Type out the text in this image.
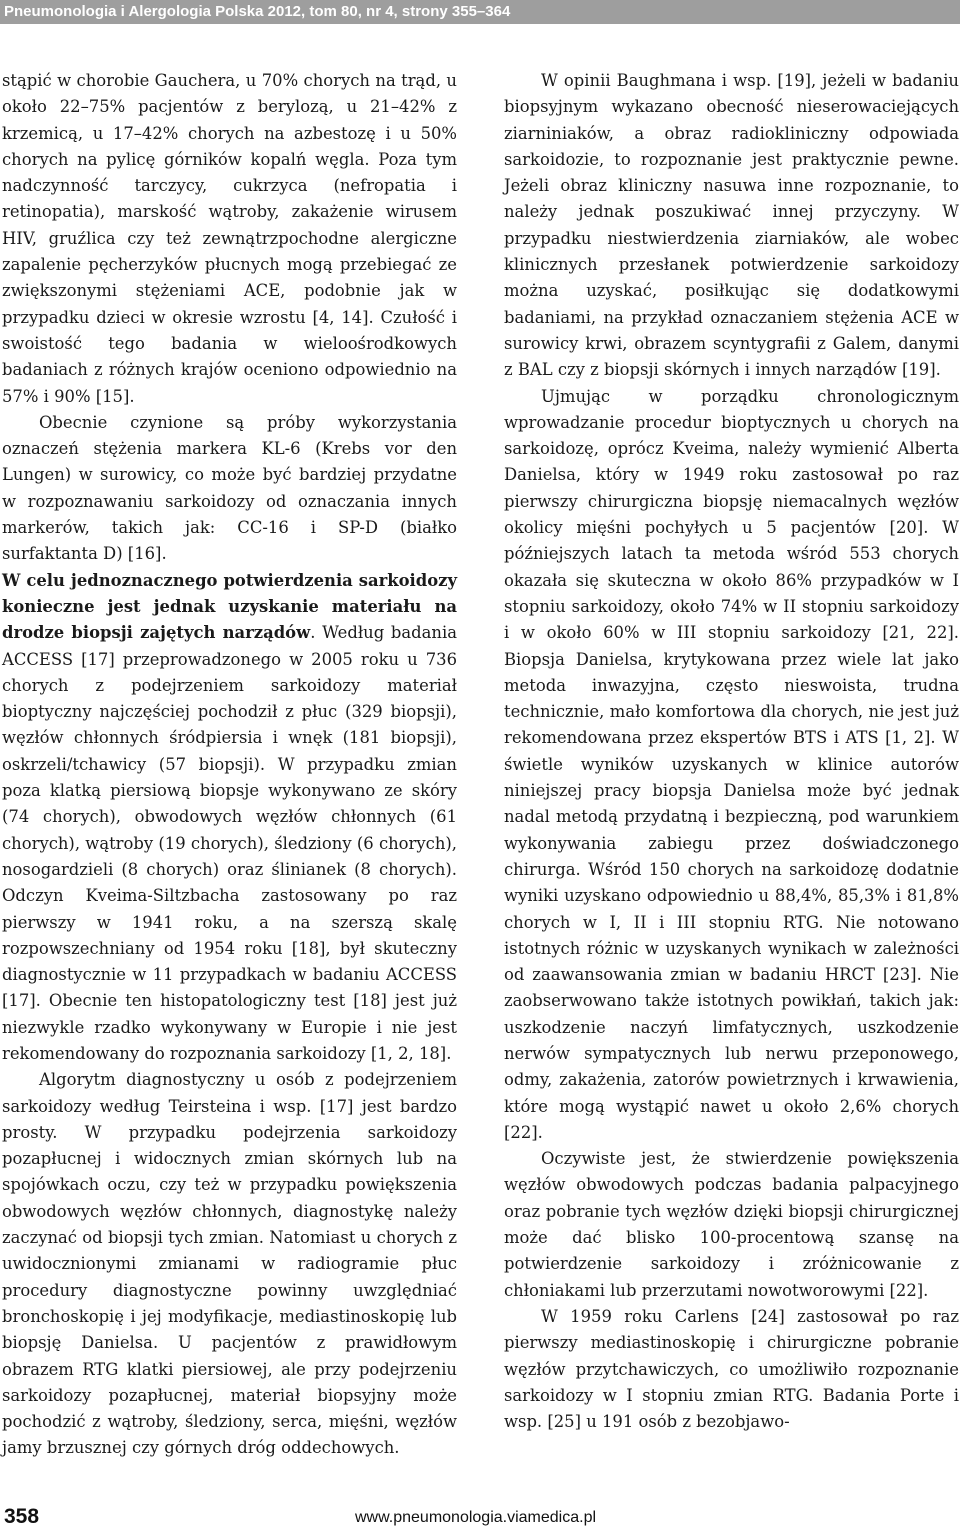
Pneumonologia i Alergologia Polska 2012, tom 80, nr 4, strony 355–364

stąpić w chorobie Gauchera, u 70% chorych na trąd, u około 22–75% pacjentów z berylozą, u 21–42% z krzemicą, u 17–42% chorych na azbestozę i u 50% chorych na pylicę górników kopalń węgla. Poza tym nadczynność tarczycy, cukrzyca (nefropatia i retinopatia), marskość wątroby, zakażenie wirusem HIV, gruźlica czy też zewnątrzpochodne alergiczne zapalenie pęcherzyków płucnych mogą przebiegać ze zwiększonymi stężeniami ACE, podobnie jak w przypadku dzieci w okresie wzrostu [4, 14]. Czułość i swoistość tego badania w wieloośrodkowych badaniach z różnych krajów oceniono odpowiednio na 57% i 90% [15].

Obecnie czynione są próby wykorzystania oznaczeń stężenia markera KL-6 (Krebs vor den Lungen) w surowicy, co może być bardziej przydatne w rozpoznawaniu sarkoidozy od oznaczania innych markerów, takich jak: CC-16 i SP-D (białko surfaktanta D) [16].

W celu jednoznacznego potwierdzenia sarkoidozy konieczne jest jednak uzyskanie materiału na drodze biopsji zajętych narządów. Według badania ACCESS [17] przeprowadzonego w 2005 roku u 736 chorych z podejrzeniem sarkoidozy materiał bioptyczny najczęściej pochodził z płuc (329 biopsji), węzłów chłonnych śródpiersia i wnęk (181 biopsji), oskrzeli/tchawicy (57 biopsji). W przypadku zmian poza klatką piersiową biopsje wykonywano ze skóry (74 chorych), obwodowych węzłów chłonnych (61 chorych), wątroby (19 chorych), śledziony (6 chorych), nosogardzieli (8 chorych) oraz ślinianek (8 chorych). Odczyn Kveima-Siltzbacha zastosowany po raz pierwszy w 1941 roku, a na szerszą skalę rozpowszechniany od 1954 roku [18], był skuteczny diagnostycznie w 11 przypadkach w badaniu ACCESS [17]. Obecnie ten histopatologiczny test [18] jest już niezwykle rzadko wykonywany w Europie i nie jest rekomendowany do rozpoznania sarkoidozy [1, 2, 18].

Algorytm diagnostyczny u osób z podejrzeniem sarkoidozy według Teirsteina i wsp. [17] jest bardzo prosty. W przypadku podejrzenia sarkoidozy pozapłucnej i widocznych zmian skórnych lub na spojówkach oczu, czy też w przypadku powiększenia obwodowych węzłów chłonnych, diagnostykę należy zaczynać od biopsji tych zmian. Natomiast u chorych z uwidocznionymi zmianami w radiogramie płuc procedury diagnostyczne powinny uwzględniać bronchoskopię i jej modyfikacje, mediastinoskopię lub biopsję Danielsa. U pacjentów z prawidłowym obrazem RTG klatki piersiowej, ale przy podejrzeniu sarkoidozy pozapłucnej, materiał biopsyjny może pochodzić z wątroby, śledziony, serca, mięśni, węzłów jamy brzusznej czy górnych dróg oddechowych.

W opinii Baughmana i wsp. [19], jeżeli w badaniu biopsyjnym wykazano obecność nieserowaciejących ziarniniaków, a obraz radiokliniczny odpowiada sarkoidozie, to rozpoznanie jest praktycznie pewne. Jeżeli obraz kliniczny nasuwa inne rozpoznanie, to należy jednak poszukiwać innej przyczyny. W przypadku niestwierdzenia ziarniaków, ale wobec klinicznych przesłanek potwierdzenie sarkoidozy można uzyskać, posiłkując się dodatkowymi badaniami, na przykład oznaczaniem stężenia ACE w surowicy krwi, obrazem scyntygrafii z Galem, danymi z BAL czy z biopsji skórnych i innych narządów [19].

Ujmując w porządku chronologicznym wprowadzanie procedur bioptycznych u chorych na sarkoidozę, oprócz Kveima, należy wymienić Alberta Danielsa, który w 1949 roku zastosował po raz pierwszy chirurgiczna biopsję niemacalnych węzłów okolicy mięśni pochyłych u 5 pacjentów [20]. W późniejszych latach ta metoda wśród 553 chorych okazała się skuteczna w około 86% przypadków w I stopniu sarkoidozy, około 74% w II stopniu sarkoidozy i w około 60% w III stopniu sarkoidozy [21, 22]. Biopsja Danielsa, krytykowana przez wiele lat jako metoda inwazyjna, często nieswoista, trudna technicznie, mało komfortowa dla chorych, nie jest już rekomendowana przez ekspertów BTS i ATS [1, 2]. W świetle wyników uzyskanych w klinice autorów niniejszej pracy biopsja Danielsa może być jednak nadal metodą przydatną i bezpieczną, pod warunkiem wykonywania zabiegu przez doświadczonego chirurga. Wśród 150 chorych na sarkoidozę dodatnie wyniki uzyskano odpowiednio u 88,4%, 85,3% i 81,8% chorych w I, II i III stopniu RTG. Nie notowano istotnych różnic w uzyskanych wynikach w zależności od zaawansowania zmian w badaniu HRCT [23]. Nie zaobserwowano także istotnych powikłań, takich jak: uszkodzenie naczyń limfatycznych, uszkodzenie nerwów sympatycznych lub nerwu przeponowego, odmy, zakażenia, zatorów powietrznych i krwawienia, które mogą wystąpić nawet u około 2,6% chorych [22].

Oczywiste jest, że stwierdzenie powiększenia węzłów obwodowych podczas badania palpacyjnego oraz pobranie tych węzłów dzięki biopsji chirurgicznej może dać blisko 100-procentową szansę na potwierdzenie sarkoidozy i zróżnicowanie z chłoniakami lub przerzutami nowotworowymi [22].

W 1959 roku Carlens [24] zastosował po raz pierwszy mediastinoskopię i chirurgiczne pobranie węzłów przytchawiczych, co umożliwiło rozpoznanie sarkoidozy w I stopniu zmian RTG. Badania Porte i wsp. [25] u 191 osób z bezobjawo-

358	www.pneumonologia.viamedica.pl
